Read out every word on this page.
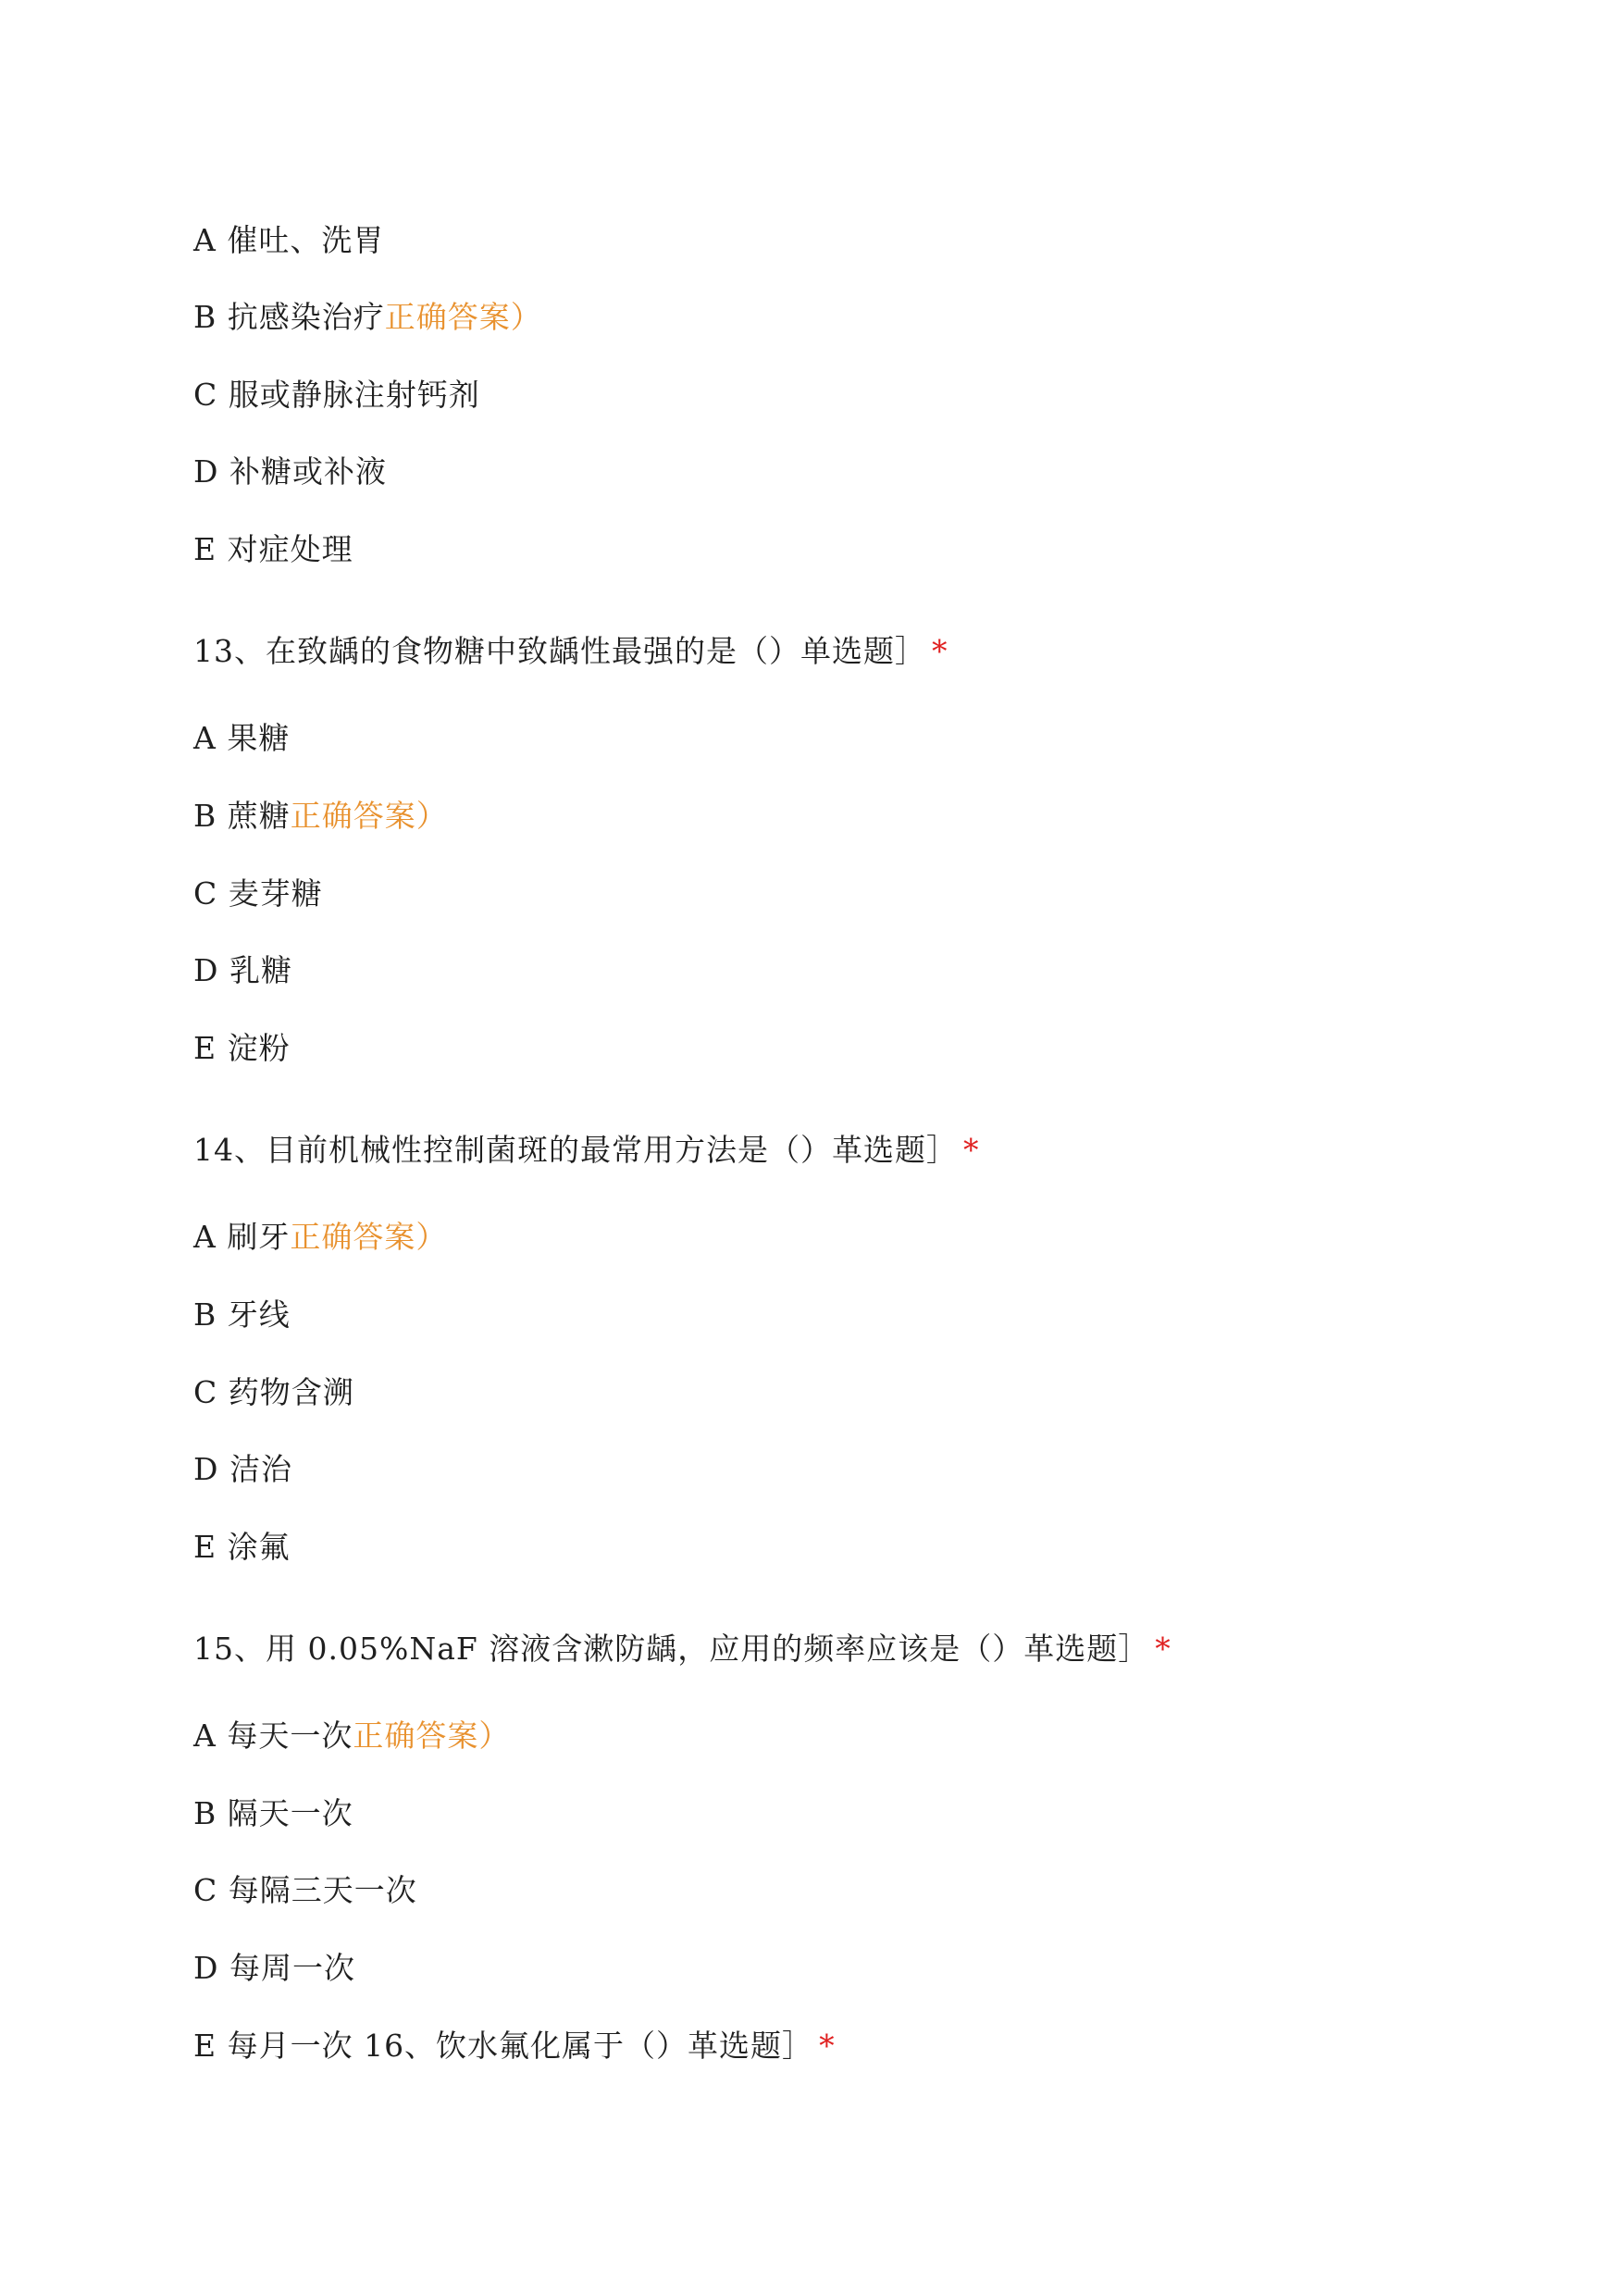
A 催吐、洗胃
B 抗感染治疗正确答案）
C 服或静脉注射钙剂
D 补糖或补液
E 对症处理
13、在致龋的食物糖中致龋性最强的是（）单选题］ *
A 果糖
B 蔗糖正确答案）
C 麦芽糖
D 乳糖
E 淀粉
14、目前机械性控制菌斑的最常用方法是（）革选题］ *
A 刷牙正确答案）
B 牙线
C 药物含溯
D 洁治
E 涂氟
15、用 0.05%NaF 溶液含漱防龋，应用的频率应该是（）革选题］ *
A 每天一次正确答案）
B 隔天一次
C 每隔三天一次
D 每周一次
E 每月一次 16、饮水氟化属于（）革选题］ *
